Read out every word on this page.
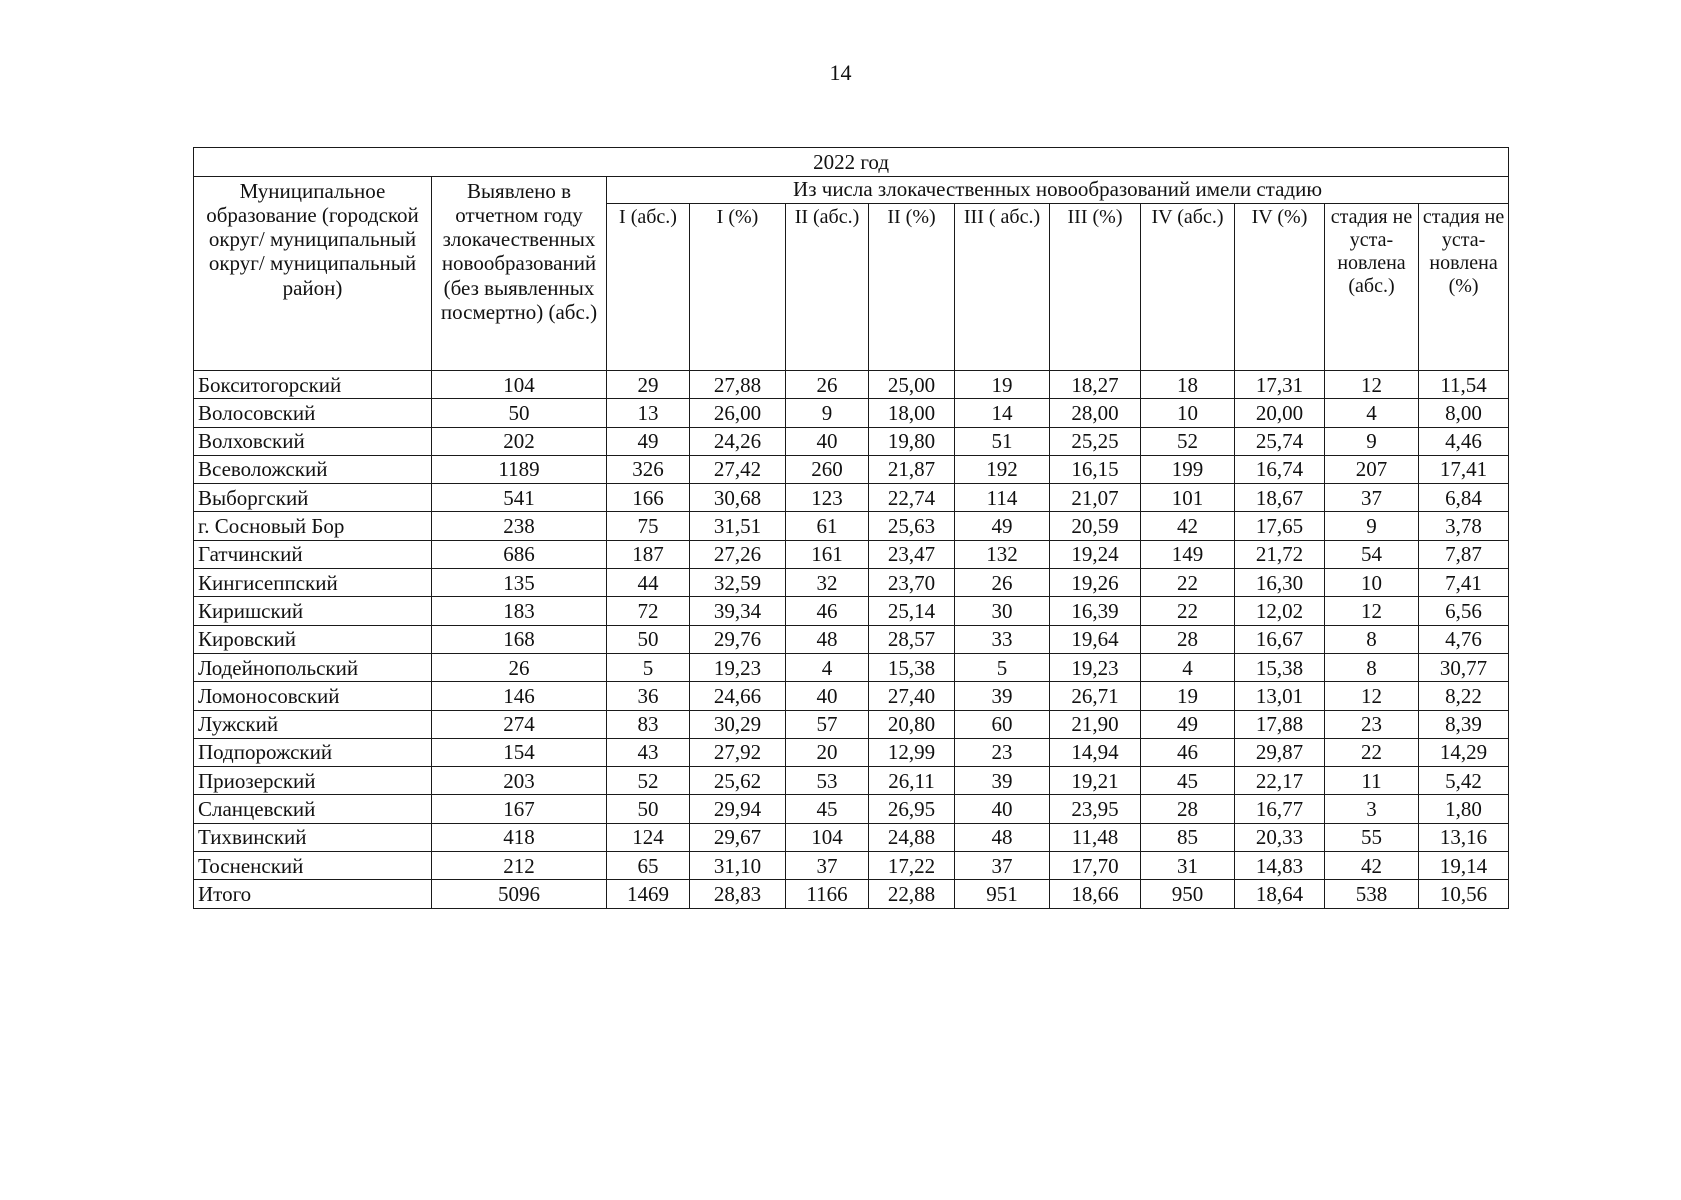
14
2022 год											
Муниципальное образование (городской округ/ муниципальный округ/ муниципальный район)	Выявлено в отчетном году злокачественных новообразований (без выявленных посмертно) (абс.)	Из числа злокачественных новообразований имели стадию									
		I (абс.)	I (%)	II (абс.)	II (%)	III ( абс.)	III (%)	IV (абс.)	IV (%)	стадия не уста-новлена (абс.)	стадия не уста-новлена (%)
Бокситогорский	104	29	27,88	26	25,00	19	18,27	18	17,31	12	11,54
Волосовский	50	13	26,00	9	18,00	14	28,00	10	20,00	4	8,00
Волховский	202	49	24,26	40	19,80	51	25,25	52	25,74	9	4,46
Всеволожский	1189	326	27,42	260	21,87	192	16,15	199	16,74	207	17,41
Выборгский	541	166	30,68	123	22,74	114	21,07	101	18,67	37	6,84
г. Сосновый Бор	238	75	31,51	61	25,63	49	20,59	42	17,65	9	3,78
Гатчинский	686	187	27,26	161	23,47	132	19,24	149	21,72	54	7,87
Кингисеппский	135	44	32,59	32	23,70	26	19,26	22	16,30	10	7,41
Киришский	183	72	39,34	46	25,14	30	16,39	22	12,02	12	6,56
Кировский	168	50	29,76	48	28,57	33	19,64	28	16,67	8	4,76
Лодейнопольский	26	5	19,23	4	15,38	5	19,23	4	15,38	8	30,77
Ломоносовский	146	36	24,66	40	27,40	39	26,71	19	13,01	12	8,22
Лужский	274	83	30,29	57	20,80	60	21,90	49	17,88	23	8,39
Подпорожский	154	43	27,92	20	12,99	23	14,94	46	29,87	22	14,29
Приозерский	203	52	25,62	53	26,11	39	19,21	45	22,17	11	5,42
Сланцевский	167	50	29,94	45	26,95	40	23,95	28	16,77	3	1,80
Тихвинский	418	124	29,67	104	24,88	48	11,48	85	20,33	55	13,16
Тосненский	212	65	31,10	37	17,22	37	17,70	31	14,83	42	19,14
Итого	5096	1469	28,83	1166	22,88	951	18,66	950	18,64	538	10,56
